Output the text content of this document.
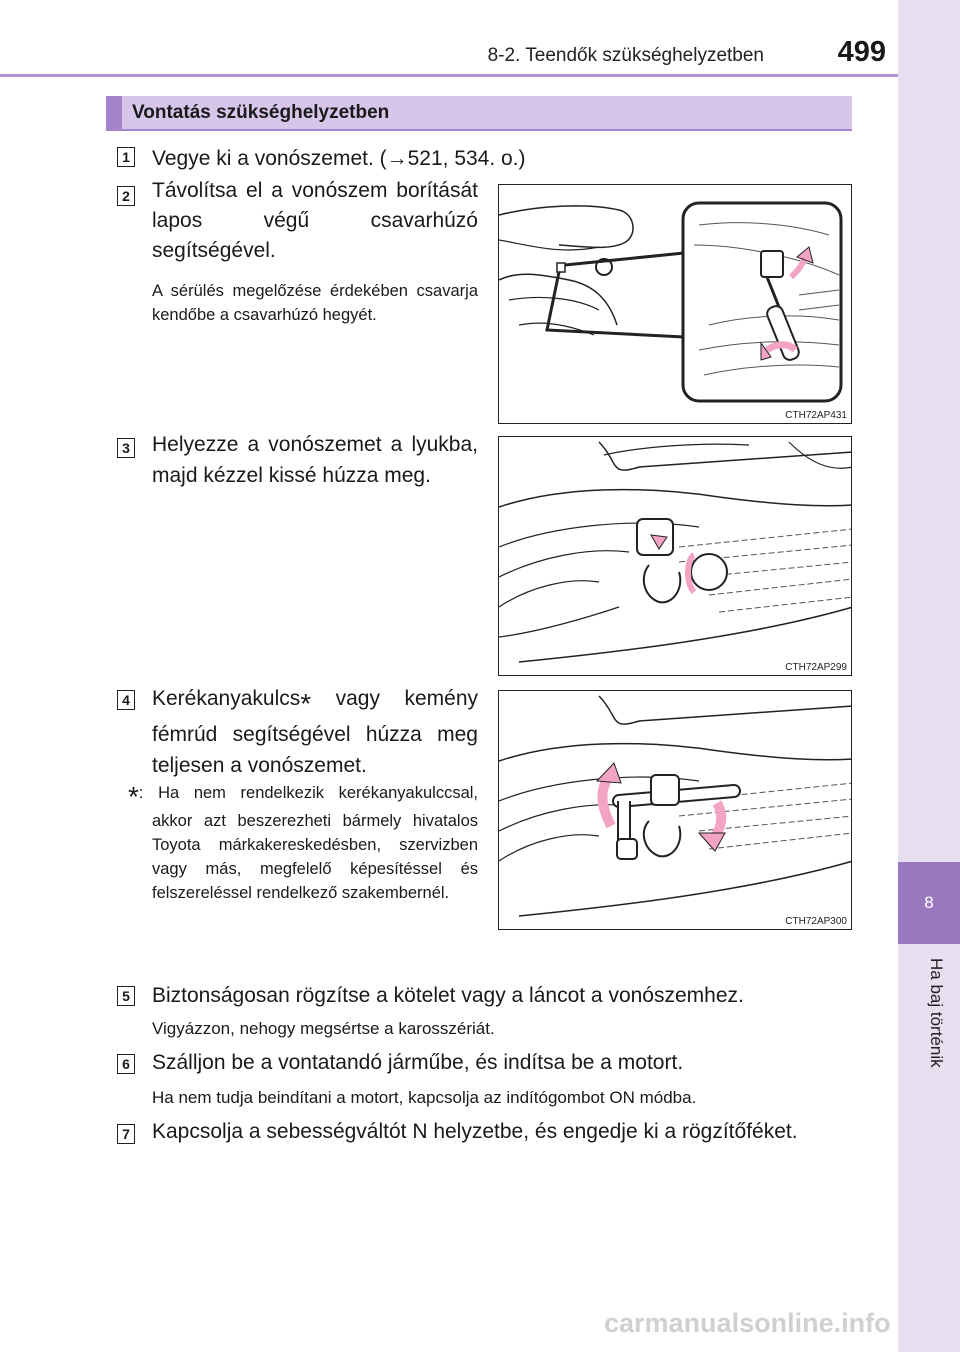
8
Ha baj történik
8-2. Teendők szükséghelyzetben	499
Vontatás szükséghelyzetben
1 Vegye ki a vonószemet. (→521, 534. o.)
2 Távolítsa el a vonószem borítását lapos végű csavarhúzó segítségével.
A sérülés megelőzése érdekében csavarja kendőbe a csavarhúzó hegyét.
CTH72AP431
3 Helyezze a vonószemet a lyukba, majd kézzel kissé húzza meg.
CTH72AP299
4 Kerékanyakulcs* vagy kemény fémrúd segítségével húzza meg teljesen a vonószemet.
*: Ha nem rendelkezik kerékanyakulccsal, akkor azt beszerezheti bármely hivatalos Toyota márkakereskedésben, szervizben vagy más, megfelelő képesítéssel és felszereléssel rendelkező szakembernél.
CTH72AP300
5 Biztonságosan rögzítse a kötelet vagy a láncot a vonószemhez.
Vigyázzon, nehogy megsértse a karosszériát.
6 Szálljon be a vontatandó járműbe, és indítsa be a motort.
Ha nem tudja beindítani a motort, kapcsolja az indítógombot ON módba.
7 Kapcsolja a sebességváltót N helyzetbe, és engedje ki a rögzítőféket.
carmanualsonline.info
